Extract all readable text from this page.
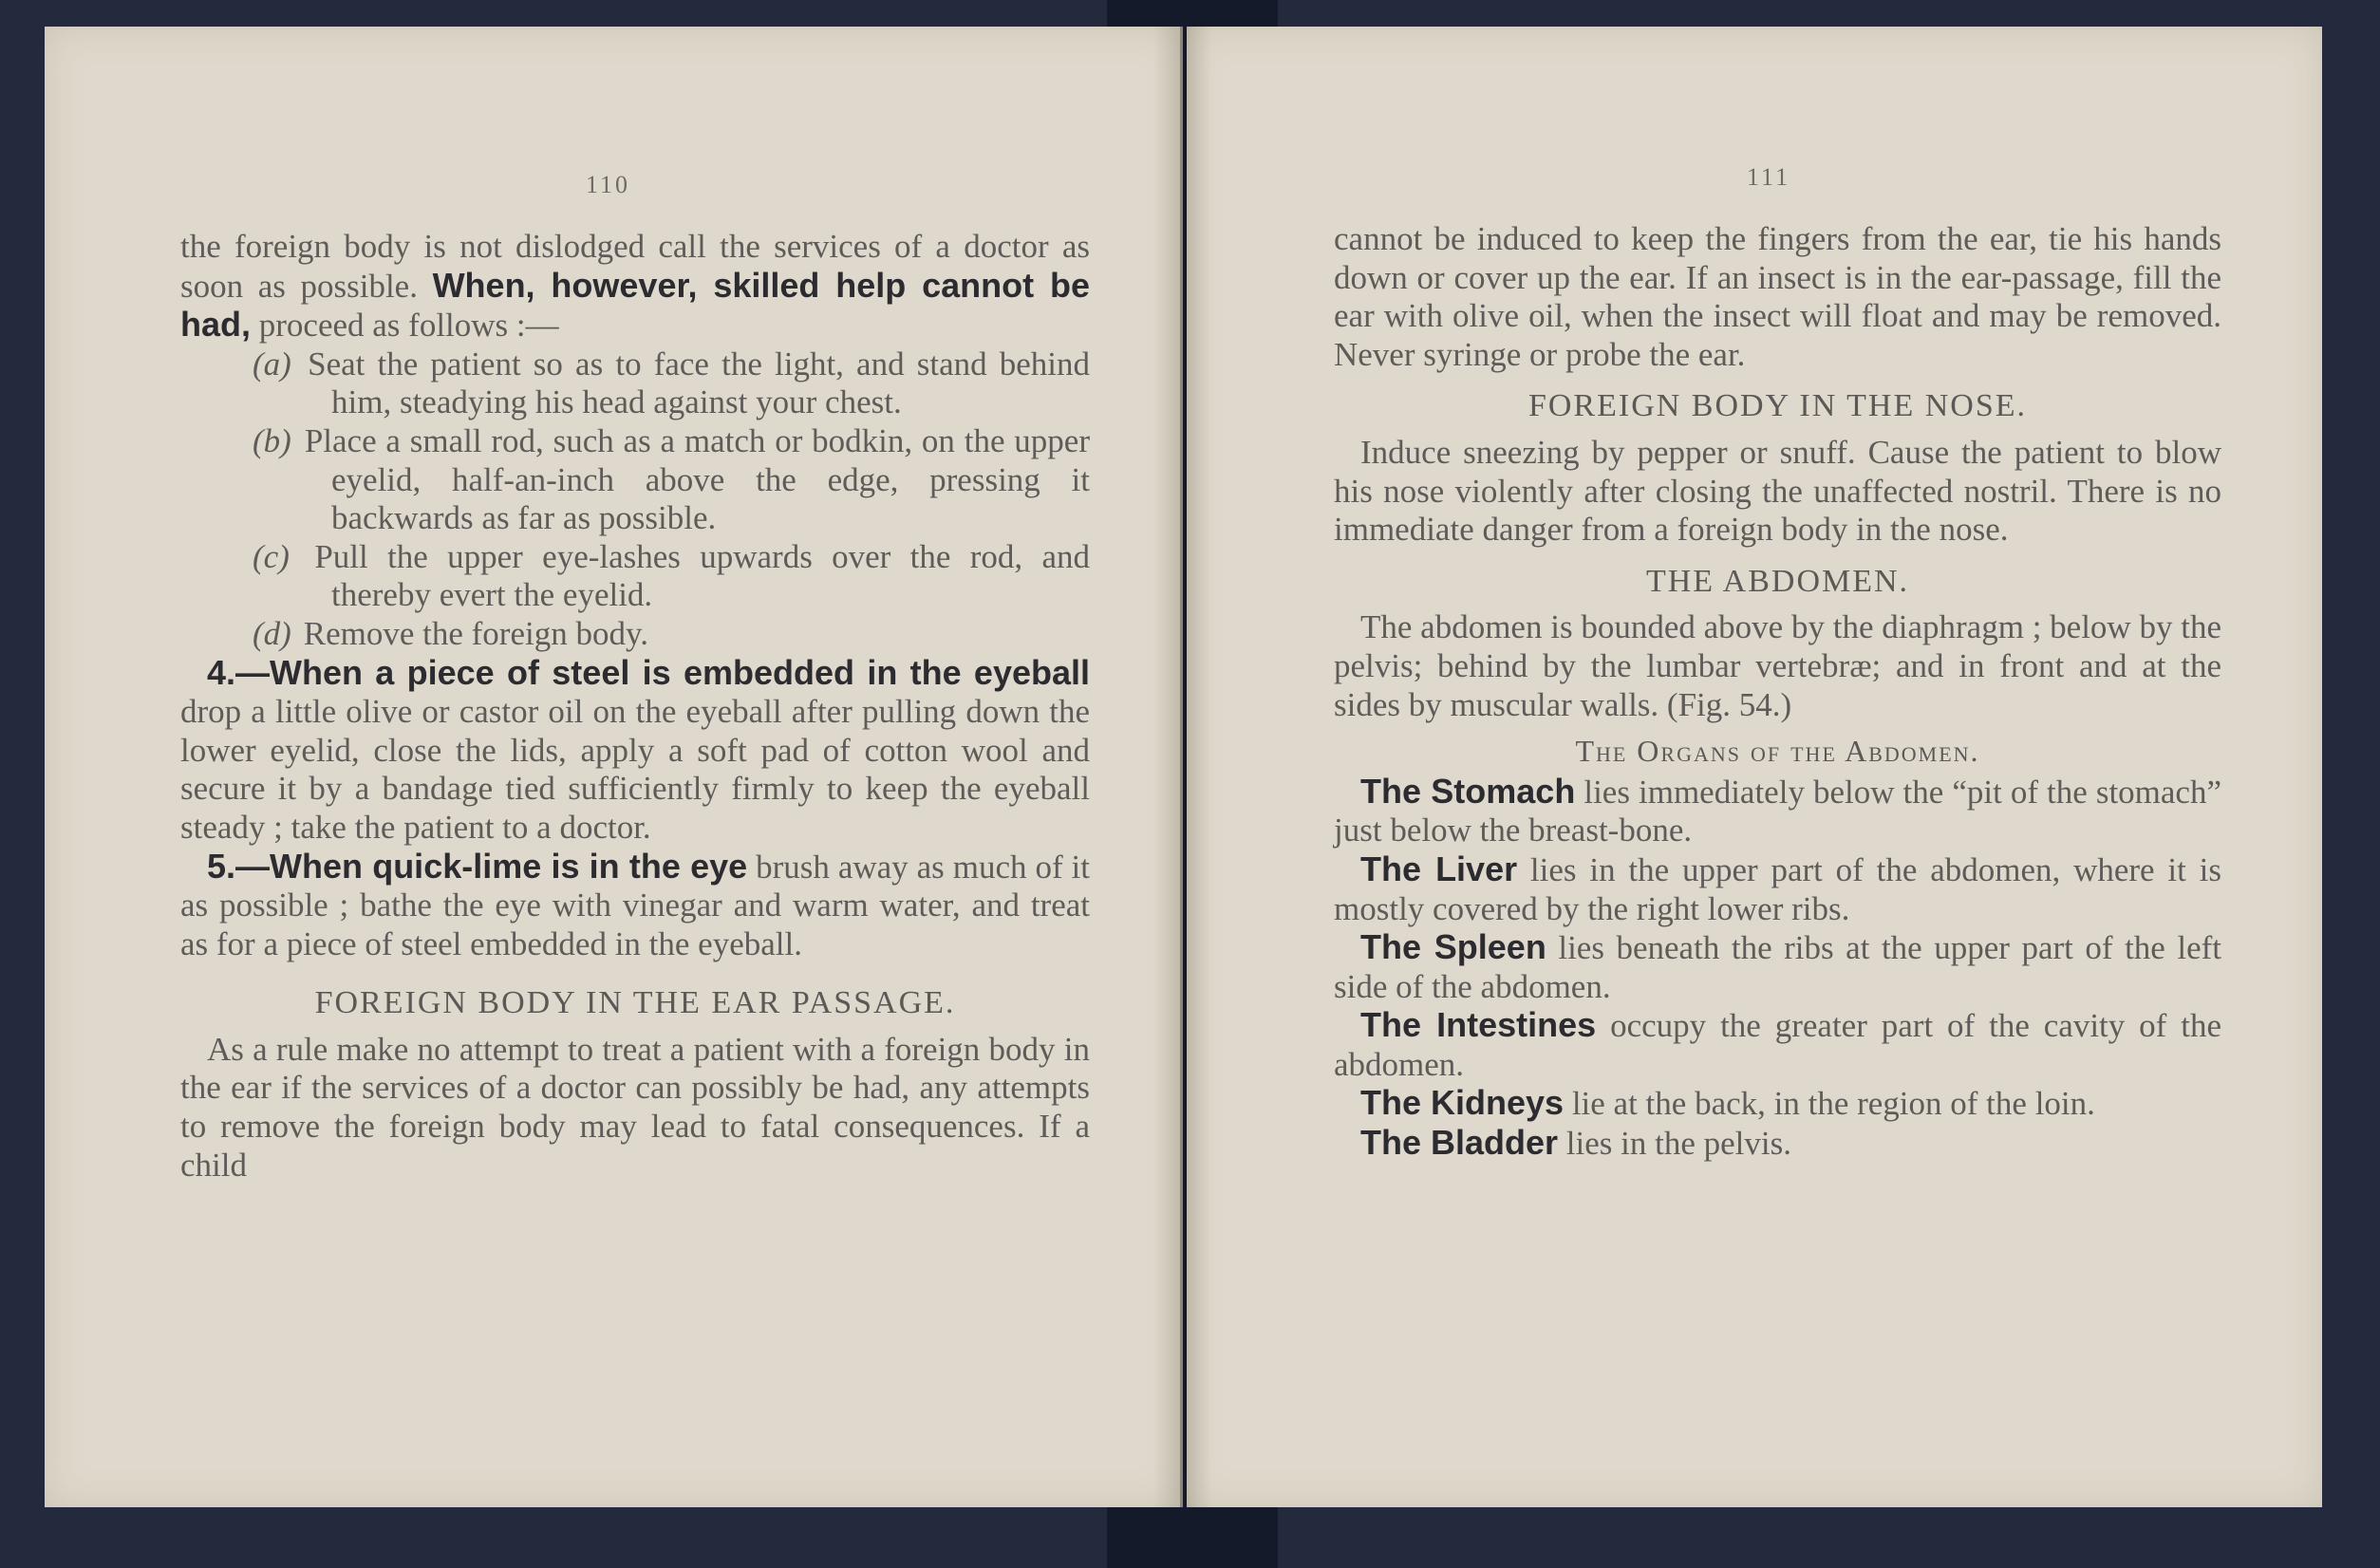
110

the foreign body is not dislodged call the services of a doctor as soon as possible. When, however, skilled help cannot be had, proceed as follows :—

(a) Seat the patient so as to face the light, and stand behind him, steadying his head against your chest.

(b) Place a small rod, such as a match or bodkin, on the upper eyelid, half-an-inch above the edge, pressing it backwards as far as possible.

(c) Pull the upper eye-lashes upwards over the rod, and thereby evert the eyelid.

(d) Remove the foreign body.

4.—When a piece of steel is embedded in the eyeball drop a little olive or castor oil on the eyeball after pulling down the lower eyelid, close the lids, apply a soft pad of cotton wool and secure it by a bandage tied sufficiently firmly to keep the eyeball steady ; take the patient to a doctor.

5.—When quick-lime is in the eye brush away as much of it as possible ; bathe the eye with vinegar and warm water, and treat as for a piece of steel embedded in the eyeball.

FOREIGN BODY IN THE EAR PASSAGE.

As a rule make no attempt to treat a patient with a foreign body in the ear if the services of a doctor can possibly be had, any attempts to remove the foreign body may lead to fatal consequences. If a child

111

cannot be induced to keep the fingers from the ear, tie his hands down or cover up the ear. If an insect is in the ear-passage, fill the ear with olive oil, when the insect will float and may be removed. Never syringe or probe the ear.

FOREIGN BODY IN THE NOSE.

Induce sneezing by pepper or snuff. Cause the patient to blow his nose violently after closing the unaffected nostril. There is no immediate danger from a foreign body in the nose.

THE ABDOMEN.

The abdomen is bounded above by the diaphragm ; below by the pelvis; behind by the lumbar vertebræ; and in front and at the sides by muscular walls. (Fig. 54.)

The Organs of the Abdomen.

The Stomach lies immediately below the “pit of the stomach” just below the breast-bone.

The Liver lies in the upper part of the abdomen, where it is mostly covered by the right lower ribs.

The Spleen lies beneath the ribs at the upper part of the left side of the abdomen.

The Intestines occupy the greater part of the cavity of the abdomen.

The Kidneys lie at the back, in the region of the loin.

The Bladder lies in the pelvis.
